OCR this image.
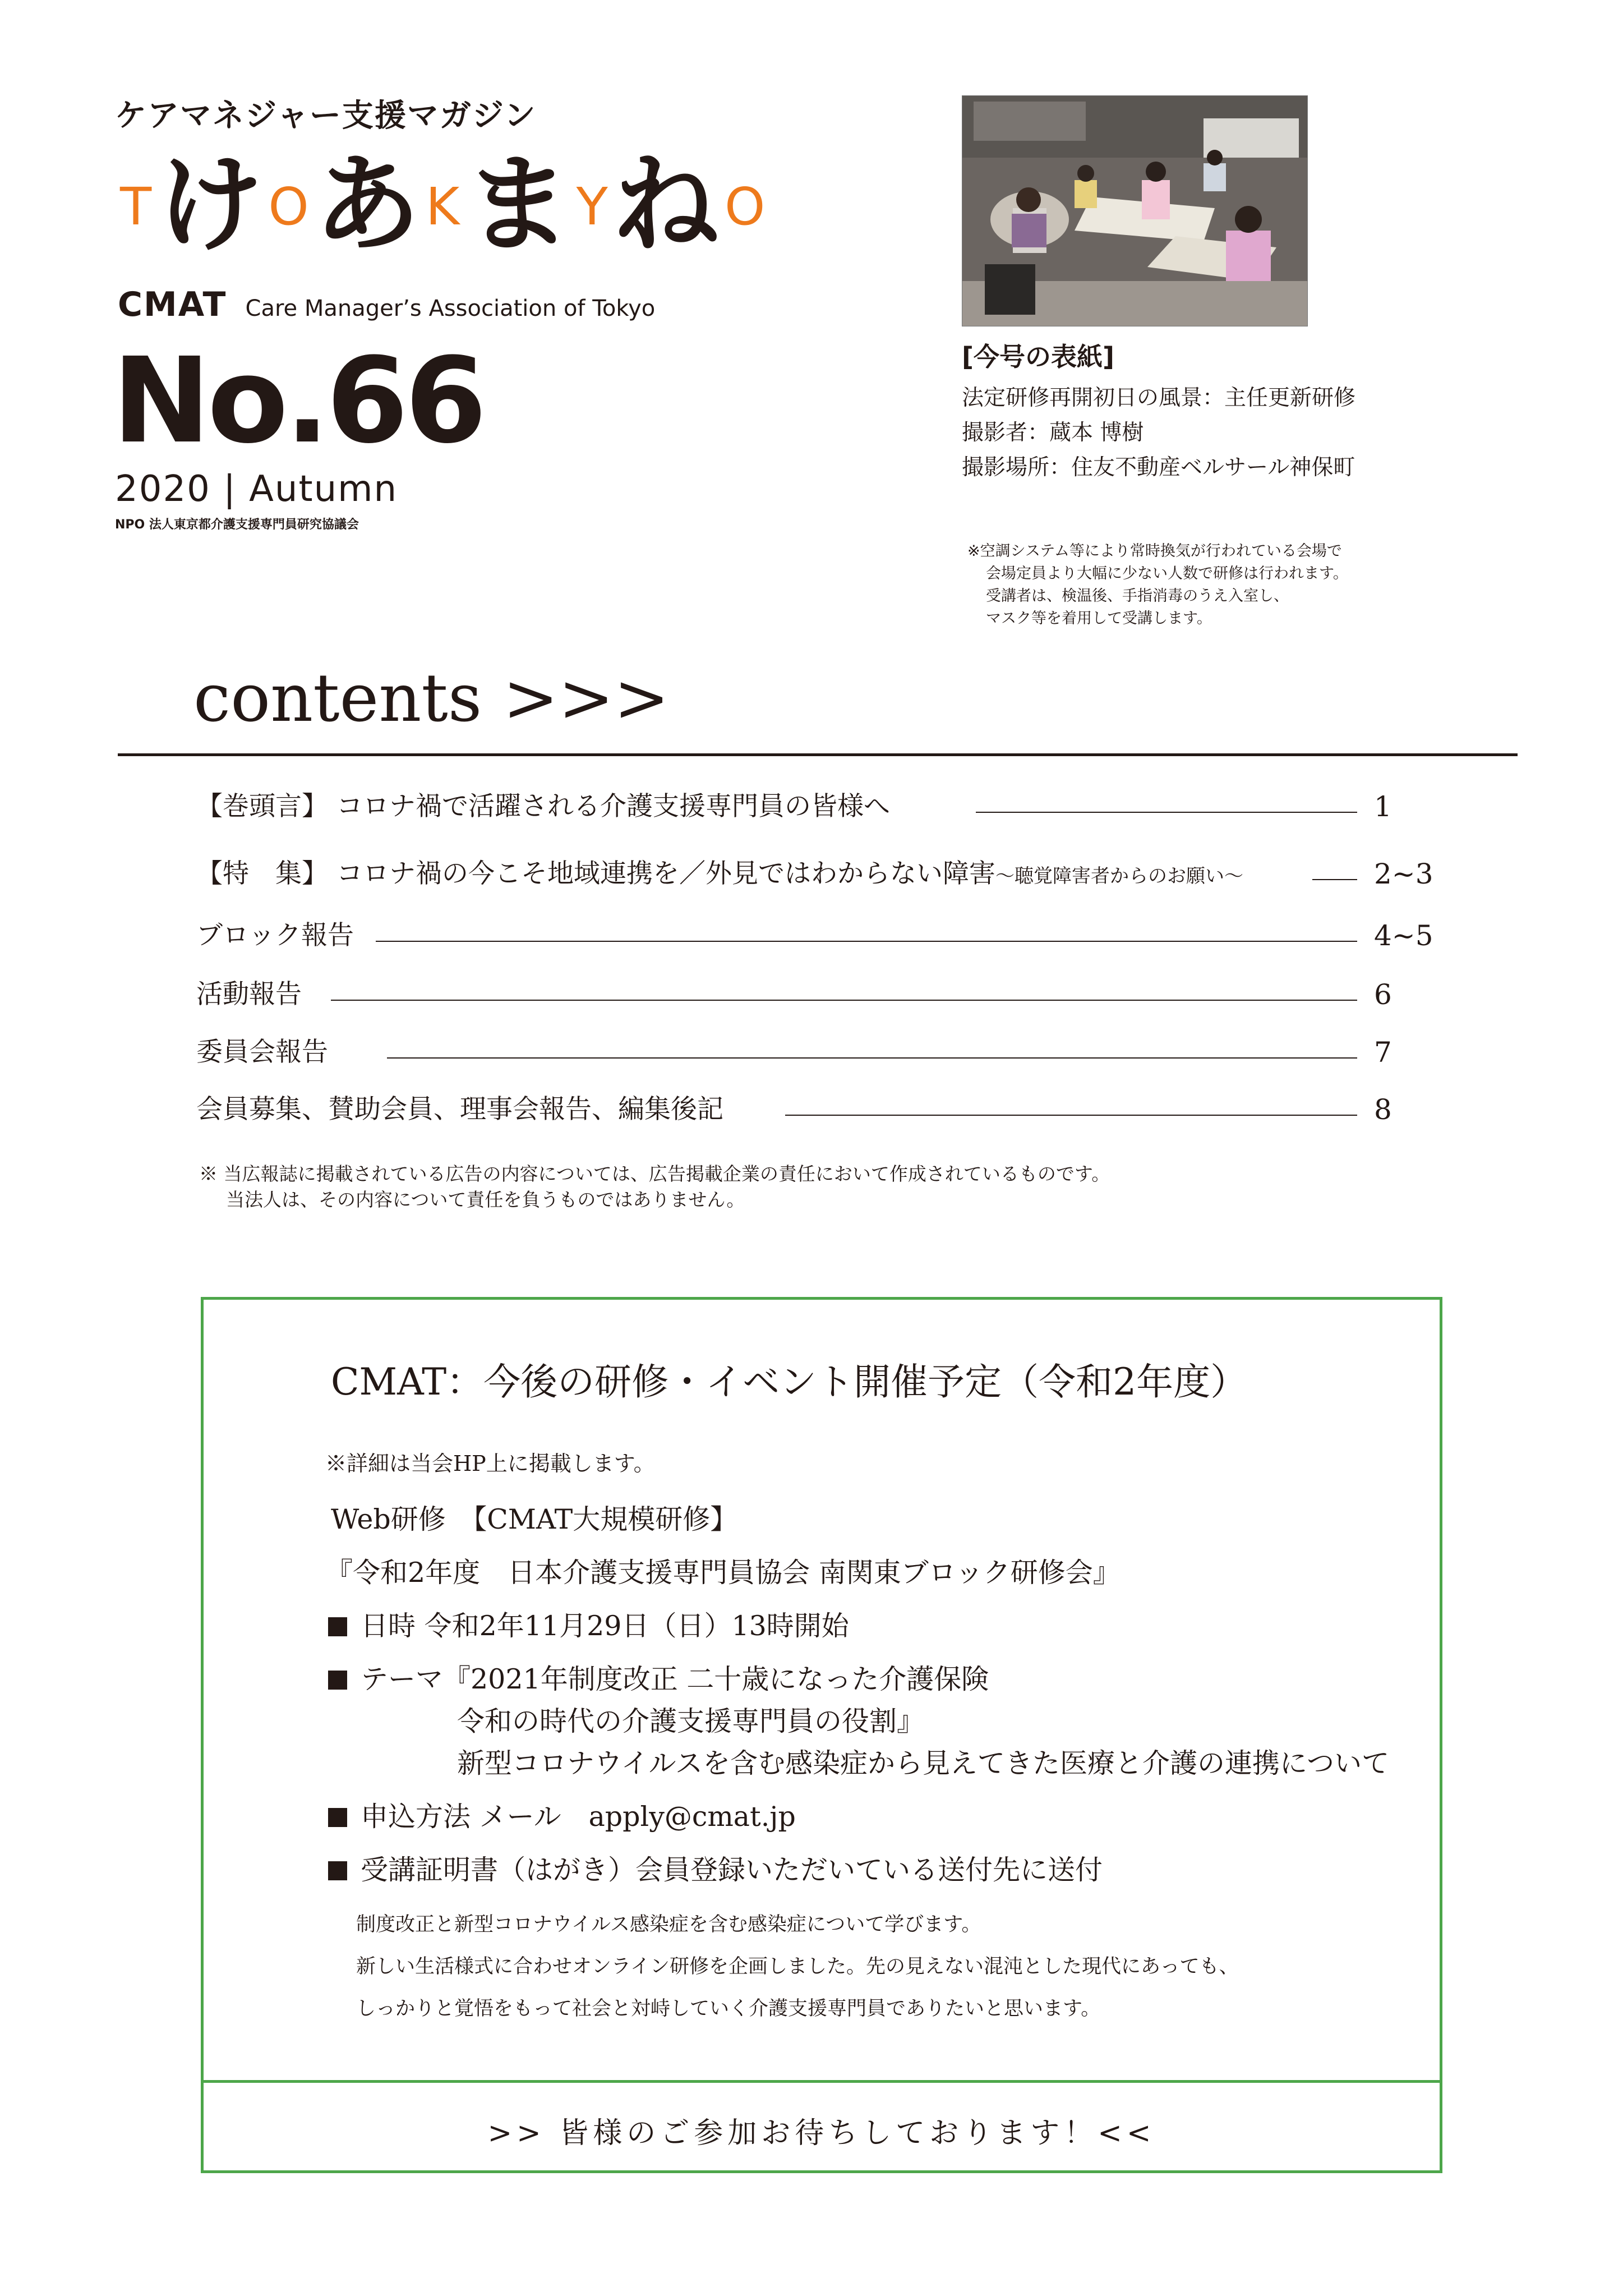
ケアマネジャー支援マガジン
T け O あ K ま Y ね O
CMAT Care Manager’s Association of Tokyo
No.66
2020 | Autumn
NPO 法人東京都介護支援専門員研究協議会
[今号の表紙]
法定研修再開初日の風景：主任更新研修
撮影者：蔵本 博樹
撮影場所：住友不動産ベルサール神保町
※空調システム等により常時換気が行われている会場で
会場定員より大幅に少ない人数で研修は行われます。
受講者は、検温後、手指消毒のうえ入室し、
マスク等を着用して受講します。
contents >>>
【巻頭言】 コロナ禍で活躍される介護支援専門員の皆様へ	1
【特　集】 コロナ禍の今こそ地域連携を／外見ではわからない障害～聴覚障害者からのお願い～	2~3
ブロック報告	4~5
活動報告	6
委員会報告	7
会員募集、賛助会員、理事会報告、編集後記	8
※ 当広報誌に掲載されている広告の内容については、広告掲載企業の責任において作成されているものです。
当法人は、その内容について責任を負うものではありません。
CMAT：今後の研修・イベント開催予定（令和2年度）
※詳細は当会HP上に掲載します。
Web研修　【CMAT大規模研修】
『令和2年度　日本介護支援専門員協会 南関東ブロック研修会』
日時 令和2年11月29日（日）13時開始
テーマ『2021年制度改正 二十歳になった介護保険
令和の時代の介護支援専門員の役割』
新型コロナウイルスを含む感染症から見えてきた医療と介護の連携について
申込方法 メール　apply@cmat.jp
受講証明書（はがき）会員登録いただいている送付先に送付
制度改正と新型コロナウイルス感染症を含む感染症について学びます。
新しい生活様式に合わせオンライン研修を企画しました。先の見えない混沌とした現代にあっても、
しっかりと覚悟をもって社会と対峙していく介護支援専門員でありたいと思います。
>> 皆様のご参加お待ちしております！<<
